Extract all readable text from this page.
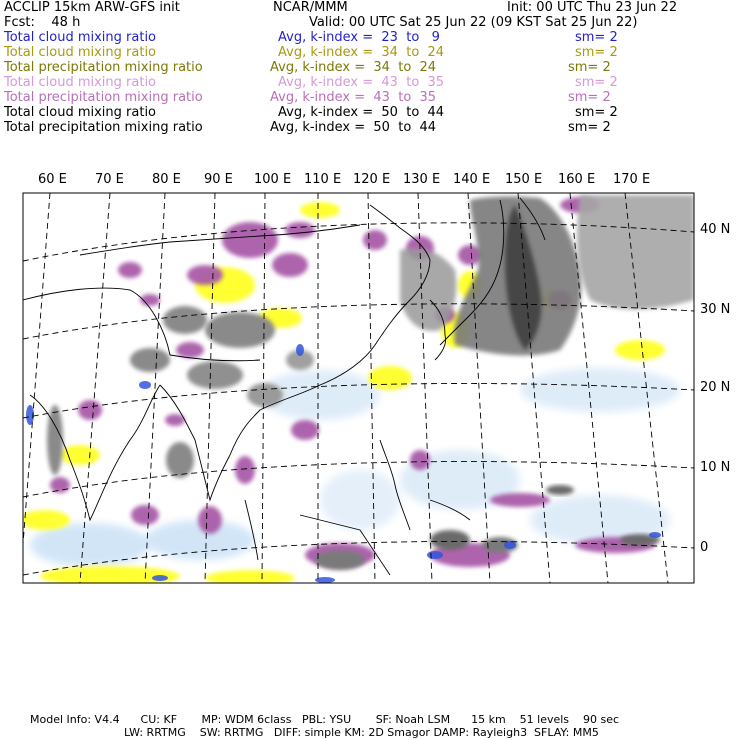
ACCLIP 15km ARW-GFS init	NCAR/MMM	Init: 00 UTC Thu 23 Jun 22
Fcst:    48 h	Valid: 00 UTC Sat 25 Jun 22 (09 KST Sat 25 Jun 22)
Total cloud mixing ratio	Avg, k-index =  23  to   9	sm= 2
Total cloud mixing ratio	Avg, k-index =  34  to  24	sm= 2
Total precipitation mixing ratio	Avg, k-index =  34  to  24	sm= 2
Total cloud mixing ratio	Avg, k-index =  43  to  35	sm= 2
Total precipitation mixing ratio	Avg, k-index =  43  to  35	sm= 2
Total cloud mixing ratio	Avg, k-index =  50  to  44	sm= 2
Total precipitation mixing ratio	Avg, k-index =  50  to  44	sm= 2
60 E 70 E 80 E 90 E 100 E 110 E 120 E 130 E 140 E 150 E 160 E 170 E
40 N
30 N
20 N
10 N
0
Model Info: V4.4      CU: KF       MP: WDM 6class   PBL: YSU       SF: Noah LSM      15 km    51 levels    90 sec
LW: RRTMG    SW: RRTMG   DIFF: simple KM: 2D Smagor DAMP: Rayleigh3  SFLAY: MM5
